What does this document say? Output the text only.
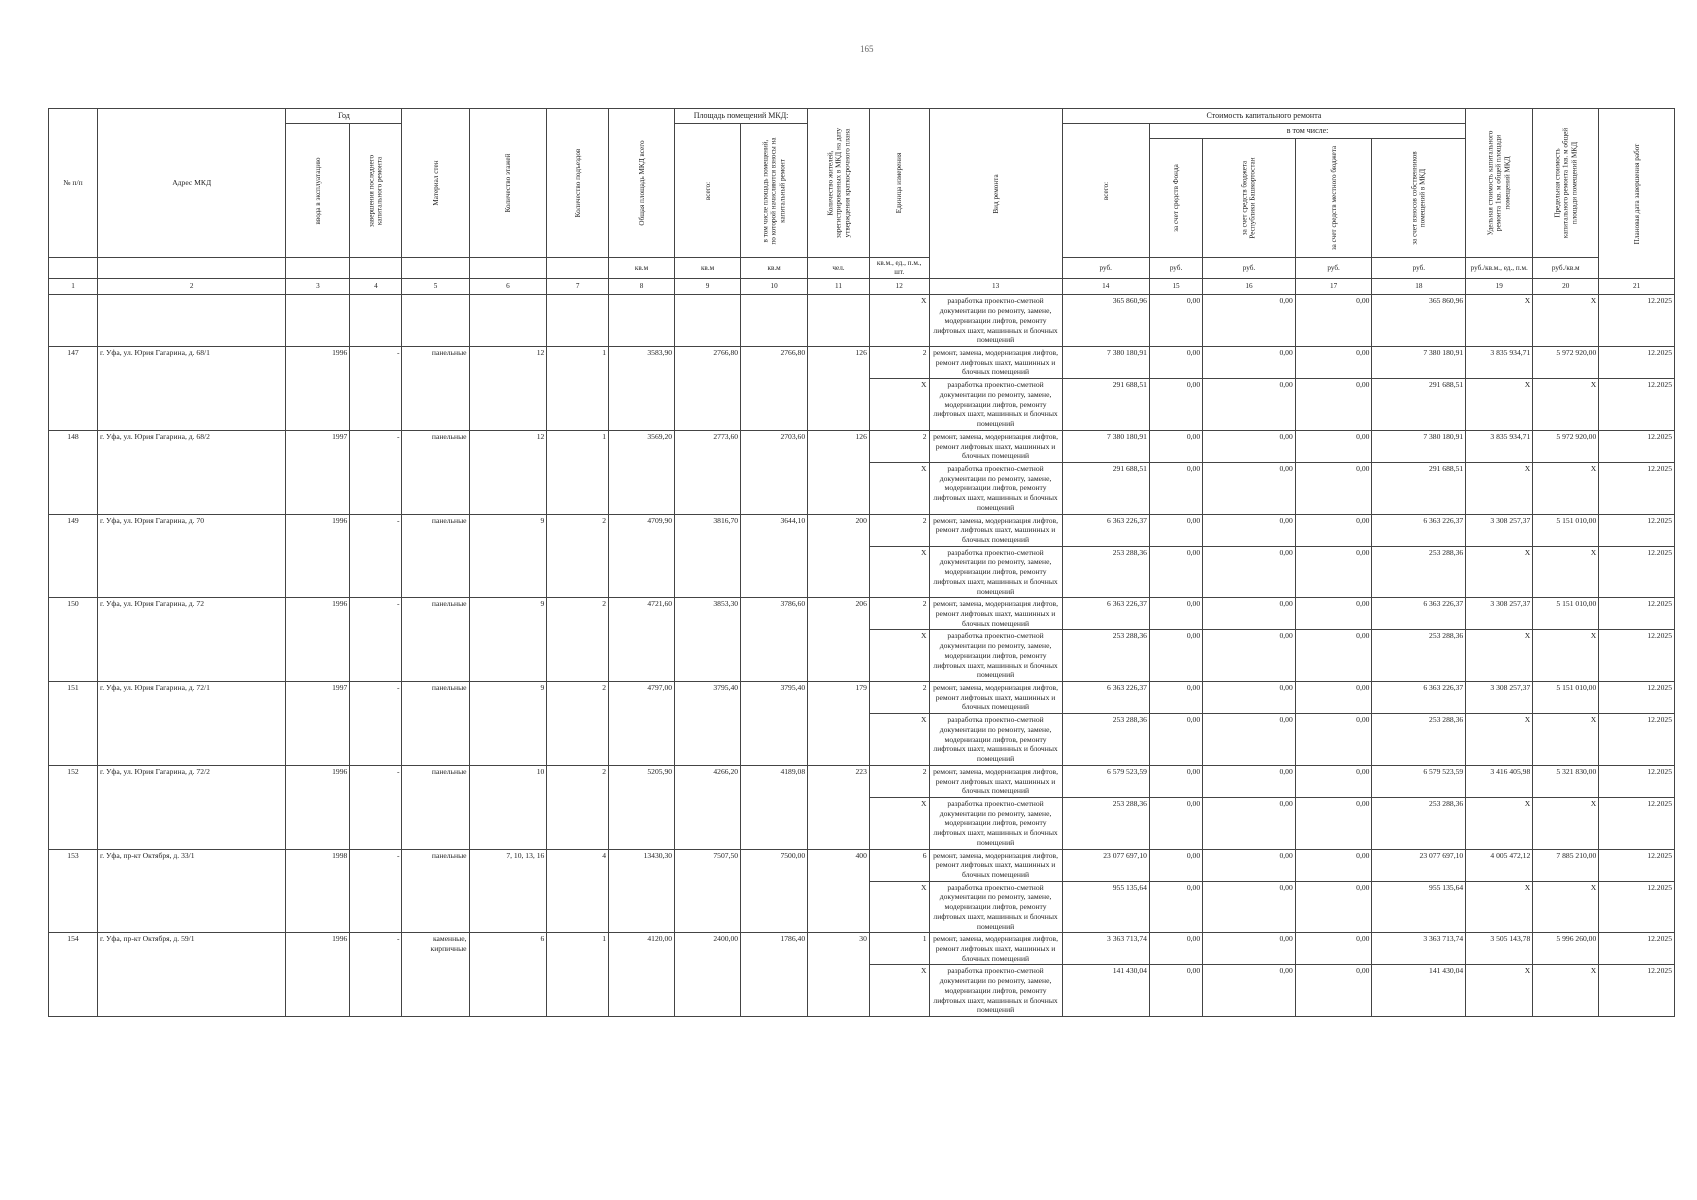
165
№ п/п	Адрес МКД	Год		Материал стен	Количество этажей	Количество подъездов	Общая площадь МКД всего	Площадь помещений МКД:		Количество жителей, зарегистрированных в МКД на дату утверждения краткосрочного плана	Единица измерения	Вид ремонта	Стоимость капитального ремонта					Удельная стоимость капитального ремонта 1кв. м общей площади помещений МКД	Предельная стоимость капитального ремонта 1кв. м общей площади помещений МКД	Плановая дата завершения работ

		ввода в эксплуатацию	завершения последнего капитального ремонта					всего:	в том числе площадь помещений, по которой начисляются взносы на капитальный ремонт				всего:	в том числе:						

														за счет средств Фонда	за счет средств бюджета Республики Башкортостан	за счет средств местного бюджета	за счет взносов собственников помещений в МКД			

							кв.м	кв.м	кв.м	чел.	кв.м., ед., п.м., шт.		руб.	руб.	руб.	руб.	руб.	руб./кв.м., ед., п.м.	руб./кв.м	
1	2	3	4	5	6	7	8	9	10	11	12	13	14	15	16	17	18	19	20	21
											X	разработка проектно-сметной документации по ремонту, замене, модернизации лифтов, ремонту лифтовых шахт, машинных и блочных помещений	365 860,96	0,00	0,00	0,00	365 860,96	X	X	12.2025
147	г. Уфа, ул. Юрия Гагарина, д. 68/1	1996	-	панельные	12	1	3583,90	2766,80	2766,80	126	2	ремонт, замена, модернизация лифтов, ремонт лифтовых шахт, машинных и блочных помещений	7 380 180,91	0,00	0,00	0,00	7 380 180,91	3 835 934,71	5 972 920,00	12.2025
											X	разработка проектно-сметной документации по ремонту, замене, модернизации лифтов, ремонту лифтовых шахт, машинных и блочных помещений	291 688,51	0,00	0,00	0,00	291 688,51	X	X	12.2025
148	г. Уфа, ул. Юрия Гагарина, д. 68/2	1997	-	панельные	12	1	3569,20	2773,60	2703,60	126	2	ремонт, замена, модернизация лифтов, ремонт лифтовых шахт, машинных и блочных помещений	7 380 180,91	0,00	0,00	0,00	7 380 180,91	3 835 934,71	5 972 920,00	12.2025
											X	разработка проектно-сметной документации по ремонту, замене, модернизации лифтов, ремонту лифтовых шахт, машинных и блочных помещений	291 688,51	0,00	0,00	0,00	291 688,51	X	X	12.2025
149	г. Уфа, ул. Юрия Гагарина, д. 70	1996	-	панельные	9	2	4709,90	3816,70	3644,10	200	2	ремонт, замена, модернизация лифтов, ремонт лифтовых шахт, машинных и блочных помещений	6 363 226,37	0,00	0,00	0,00	6 363 226,37	3 308 257,37	5 151 010,00	12.2025
											X	разработка проектно-сметной документации по ремонту, замене, модернизации лифтов, ремонту лифтовых шахт, машинных и блочных помещений	253 288,36	0,00	0,00	0,00	253 288,36	X	X	12.2025
150	г. Уфа, ул. Юрия Гагарина, д. 72	1996	-	панельные	9	2	4721,60	3853,30	3786,60	206	2	ремонт, замена, модернизация лифтов, ремонт лифтовых шахт, машинных и блочных помещений	6 363 226,37	0,00	0,00	0,00	6 363 226,37	3 308 257,37	5 151 010,00	12.2025
											X	разработка проектно-сметной документации по ремонту, замене, модернизации лифтов, ремонту лифтовых шахт, машинных и блочных помещений	253 288,36	0,00	0,00	0,00	253 288,36	X	X	12.2025
151	г. Уфа, ул. Юрия Гагарина, д. 72/1	1997	-	панельные	9	2	4797,00	3795,40	3795,40	179	2	ремонт, замена, модернизация лифтов, ремонт лифтовых шахт, машинных и блочных помещений	6 363 226,37	0,00	0,00	0,00	6 363 226,37	3 308 257,37	5 151 010,00	12.2025
											X	разработка проектно-сметной документации по ремонту, замене, модернизации лифтов, ремонту лифтовых шахт, машинных и блочных помещений	253 288,36	0,00	0,00	0,00	253 288,36	X	X	12.2025
152	г. Уфа, ул. Юрия Гагарина, д. 72/2	1996	-	панельные	10	2	5205,90	4266,20	4189,08	223	2	ремонт, замена, модернизация лифтов, ремонт лифтовых шахт, машинных и блочных помещений	6 579 523,59	0,00	0,00	0,00	6 579 523,59	3 416 405,98	5 321 830,00	12.2025
											X	разработка проектно-сметной документации по ремонту, замене, модернизации лифтов, ремонту лифтовых шахт, машинных и блочных помещений	253 288,36	0,00	0,00	0,00	253 288,36	X	X	12.2025
153	г. Уфа, пр-кт Октября, д. 33/1	1998	-	панельные	7, 10, 13, 16	4	13430,30	7507,50	7500,00	400	6	ремонт, замена, модернизация лифтов, ремонт лифтовых шахт, машинных и блочных помещений	23 077 697,10	0,00	0,00	0,00	23 077 697,10	4 005 472,12	7 885 210,00	12.2025
											X	разработка проектно-сметной документации по ремонту, замене, модернизации лифтов, ремонту лифтовых шахт, машинных и блочных помещений	955 135,64	0,00	0,00	0,00	955 135,64	X	X	12.2025
154	г. Уфа, пр-кт Октября, д. 59/1	1996	-	каменные, кирпичные	6	1	4120,00	2400,00	1786,40	30	1	ремонт, замена, модернизация лифтов, ремонт лифтовых шахт, машинных и блочных помещений	3 363 713,74	0,00	0,00	0,00	3 363 713,74	3 505 143,78	5 996 260,00	12.2025
											X	разработка проектно-сметной документации по ремонту, замене, модернизации лифтов, ремонту лифтовых шахт, машинных и блочных помещений	141 430,04	0,00	0,00	0,00	141 430,04	X	X	12.2025
